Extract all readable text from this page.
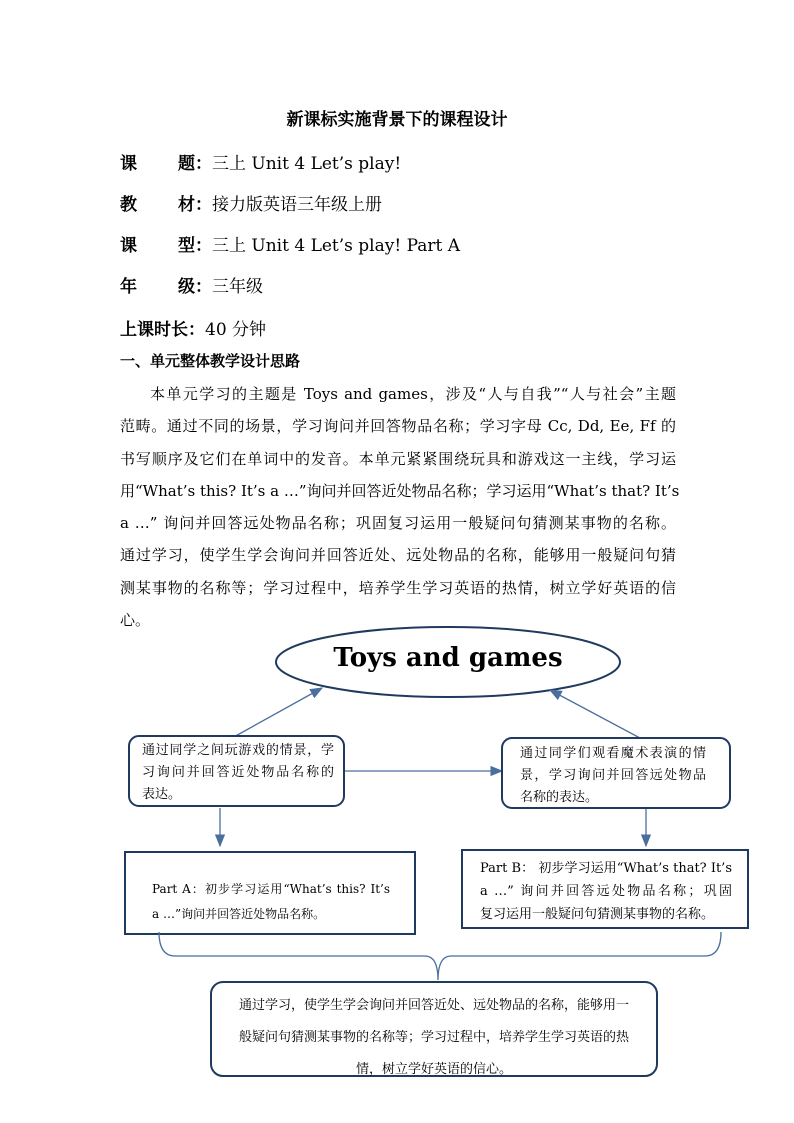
新课标实施背景下的课程设计
课 题： 三上 Unit 4 Let’s play!
教 材： 接力版英语三年级上册
课 型： 三上 Unit 4 Let’s play! Part A
年 级： 三年级
上课时长：40 分钟
一、单元整体教学设计思路
本单元学习的主题是 Toys and games，涉及“人与自我”“人与社会”主题
范畴。通过不同的场景，学习询问并回答物品名称；学习字母 Cc, Dd, Ee, Ff 的
书写顺序及它们在单词中的发音。本单元紧紧围绕玩具和游戏这一主线，学习运
用“What’s this? It’s a …”询问并回答近处物品名称；学习运用“What’s that? It’s
a …” 询问并回答远处物品名称；巩固复习运用一般疑问句猜测某事物的名称。
通过学习，使学生学会询问并回答近处、远处物品的名称，能够用一般疑问句猜
测某事物的名称等；学习过程中，培养学生学习英语的热情，树立学好英语的信
心。
Toys and games
通过同学之间玩游戏的情景，学
习询问并回答近处物品名称的
表达。
通过同学们观看魔术表演的情
景，学习询问并回答远处物品
名称的表达。
Part A：初步学习运用“What’s this? It’s
a …”询问并回答近处物品名称。
Part B： 初步学习运用“What’s that? It’s
a …” 询问并回答远处物品名称；巩固
复习运用一般疑问句猜测某事物的名称。
通过学习，使学生学会询问并回答近处、远处物品的名称，能够用一
般疑问句猜测某事物的名称等；学习过程中，培养学生学习英语的热
情，树立学好英语的信心。
